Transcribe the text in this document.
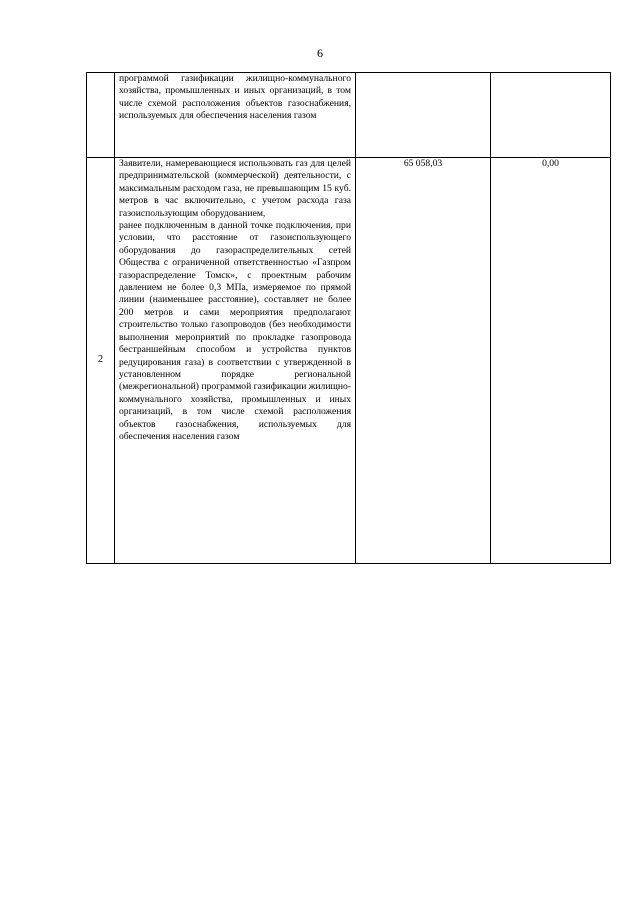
6

	программой газификации жилищно-коммунального хозяйства, промышленных и иных организаций, в том числе схемой расположения объектов газоснабжения, используемых для обеспечения населения газом		

2	Заявители, намеревающиеся использовать газ для целей предпринимательской (коммерческой) деятельности, с максимальным расходом газа, не превышающим 15 куб. метров в час включительно, с учетом расхода газа газоиспользующим оборудованием,
ранее подключенным в данной точке подключения, при условии, что расстояние от газоиспользующего оборудования до газораспределительных сетей Общества с ограниченной ответственностью «Газпром газораспределение Томск», с проектным рабочим давлением не более 0,3 МПа, измеряемое по прямой линии (наименьшее расстояние), составляет не более 200 метров и сами мероприятия предполагают строительство только газопроводов (без необходимости выполнения мероприятий по прокладке газопровода бестраншейным способом и устройства пунктов редуцирования газа) в соответствии с утвержденной в установленном порядке региональной (межрегиональной) программой газификации жилищно-коммунального хозяйства, промышленных и иных организаций, в том числе схемой расположения объектов газоснабжения, используемых для обеспечения населения газом	65 058,03	0,00
